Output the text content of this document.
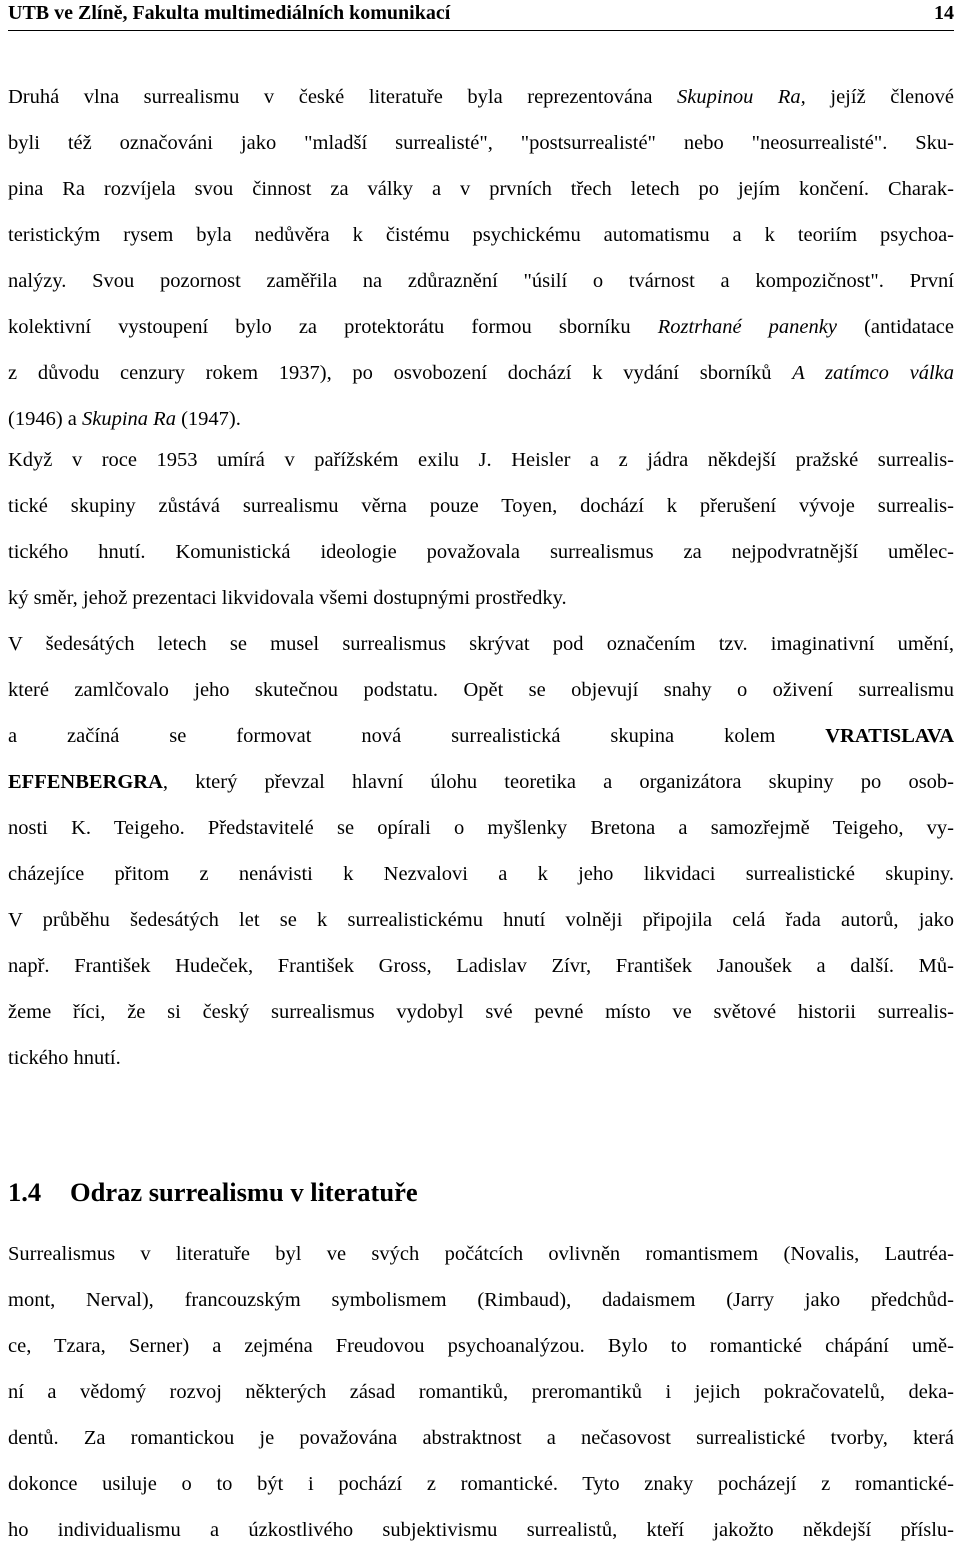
UTB ve Zlíně, Fakulta multimediálních komunikací	14
Druhá vlna surrealismu v české literatuře byla reprezentována Skupinou Ra, jejíž členové
byli též označováni jako "mladší surrealisté", "postsurrealisté" nebo "neosurrealisté". Sku-
pina Ra rozvíjela svou činnost za války a v prvních třech letech po jejím končení. Charak-
teristickým rysem byla nedůvěra k čistému psychickému automatismu a k teoriím psychoa-
nalýzy. Svou pozornost zaměřila na zdůraznění "úsilí o tvárnost a kompozičnost". První
kolektivní vystoupení bylo za protektorátu formou sborníku Roztrhané panenky (antidatace
z důvodu cenzury rokem 1937), po osvobození dochází k vydání sborníků A zatímco válka
(1946) a Skupina Ra (1947).
Když v roce 1953 umírá v pařížském exilu J. Heisler a z jádra někdejší pražské surrealis-
tické skupiny zůstává surrealismu věrna pouze Toyen, dochází k přerušení vývoje surrealis-
tického hnutí. Komunistická ideologie považovala surrealismus za nejpodvratnější umělec-
ký směr, jehož prezentaci likvidovala všemi dostupnými prostředky.
V šedesátých letech se musel surrealismus skrývat pod označením tzv. imaginativní umění,
které zamlčovalo jeho skutečnou podstatu. Opět se objevují snahy o oživení surrealismu
a začíná se formovat nová surrealistická skupina kolem VRATISLAVA
EFFENBERGRA, který převzal hlavní úlohu teoretika a organizátora skupiny po osob-
nosti K. Teigeho. Představitelé se opírali o myšlenky Bretona a samozřejmě Teigeho, vy-
cházejíce přitom z nenávisti k Nezvalovi a k jeho likvidaci surrealistické skupiny.
V průběhu šedesátých let se k surrealistickému hnutí volněji připojila celá řada autorů, jako
např. František Hudeček, František Gross, Ladislav Zívr, František Janoušek a další. Mů-
žeme říci, že si český surrealismus vydobyl své pevné místo ve světové historii surrealis-
tického hnutí.
1.4 Odraz surrealismu v literatuře
Surrealismus v literatuře byl ve svých počátcích ovlivněn romantismem (Novalis, Lautréa-
mont, Nerval), francouzským symbolismem (Rimbaud), dadaismem (Jarry jako předchůd-
ce, Tzara, Serner) a zejména Freudovou psychoanalýzou. Bylo to romantické chápání umě-
ní a vědomý rozvoj některých zásad romantiků, preromantiků i jejich pokračovatelů, deka-
dentů. Za romantickou je považována abstraktnost a nečasovost surrealistické tvorby, která
dokonce usiluje o to být i pochází z romantické. Tyto znaky pocházejí z romantické-
ho individualismu a úzkostlivého subjektivismu surrealistů, kteří jakožto někdejší příslu-
